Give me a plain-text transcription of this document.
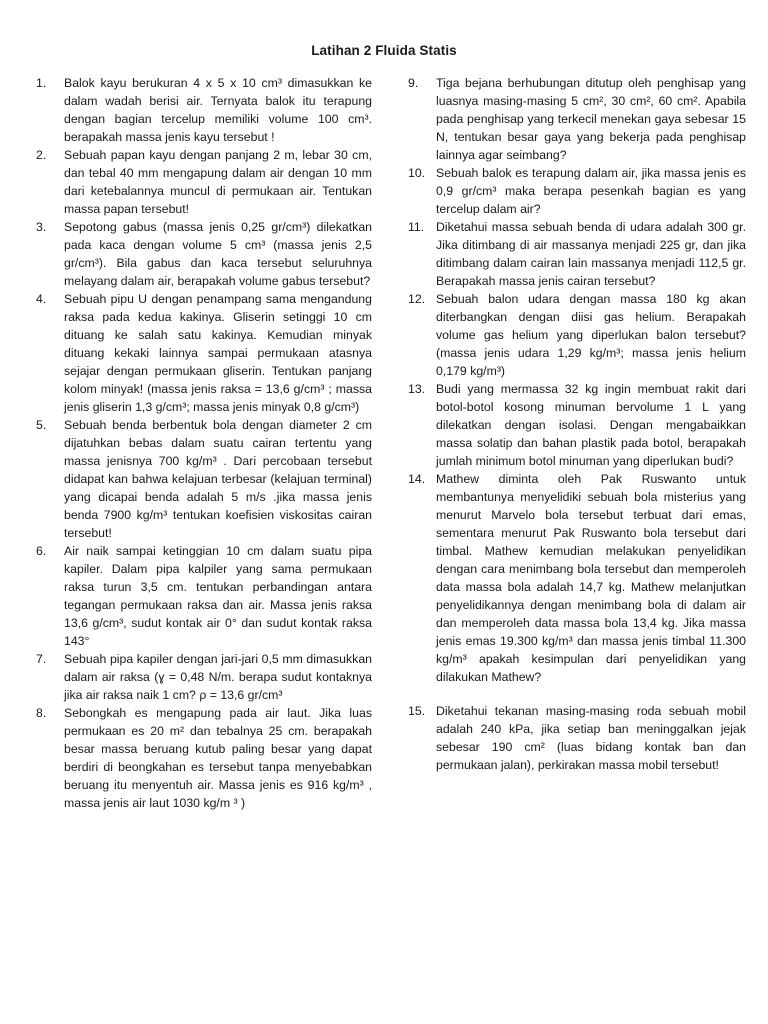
Latihan 2 Fluida Statis
1. Balok kayu berukuran 4 x 5 x 10 cm³ dimasukkan ke dalam wadah berisi air. Ternyata balok itu terapung dengan bagian tercelup memiliki volume 100 cm³. berapakah massa jenis kayu tersebut !
2. Sebuah papan kayu dengan panjang 2 m, lebar 30 cm, dan tebal 40 mm mengapung dalam air dengan 10 mm dari ketebalannya muncul di permukaan air. Tentukan massa papan tersebut!
3. Sepotong gabus (massa jenis 0,25 gr/cm³) dilekatkan pada kaca dengan volume 5 cm³ (massa jenis 2,5 gr/cm³). Bila gabus dan kaca tersebut seluruhnya melayang dalam air, berapakah volume gabus tersebut?
4. Sebuah pipu U dengan penampang sama mengandung raksa pada kedua kakinya. Gliserin setinggi 10 cm dituang ke salah satu kakinya. Kemudian minyak dituang kekaki lainnya sampai permukaan atasnya sejajar dengan permukaan gliserin. Tentukan panjang kolom minyak! (massa jenis raksa = 13,6 g/cm³ ; massa jenis gliserin 1,3 g/cm³; massa jenis minyak 0,8 g/cm³)
5. Sebuah benda berbentuk bola dengan diameter 2 cm dijatuhkan bebas dalam suatu cairan tertentu yang massa jenisnya 700 kg/m³ . Dari percobaan tersebut didapat kan bahwa kelajuan terbesar (kelajuan terminal) yang dicapai benda adalah 5 m/s .jika massa jenis benda 7900 kg/m³ tentukan koefisien viskositas cairan tersebut!
6. Air naik sampai ketinggian 10 cm dalam suatu pipa kapiler. Dalam pipa kalpiler yang sama permukaan raksa turun 3,5 cm. tentukan perbandingan antara tegangan permukaan raksa dan air. Massa jenis raksa 13,6 g/cm³, sudut kontak air 0° dan sudut kontak raksa 143°
7. Sebuah pipa kapiler dengan jari-jari 0,5 mm dimasukkan dalam air raksa (ɣ = 0,48 N/m. berapa sudut kontaknya jika air raksa naik 1 cm? ρ = 13,6 gr/cm³
8. Sebongkah es mengapung pada air laut. Jika luas permukaan es 20 m² dan tebalnya 25 cm. berapakah besar massa beruang kutub paling besar yang dapat berdiri di beongkahan es tersebut tanpa menyebabkan beruang itu menyentuh air. Massa jenis es 916 kg/m³ , massa jenis air laut 1030 kg/m ³ )
9. Tiga bejana berhubungan ditutup oleh penghisap yang luasnya masing-masing 5 cm², 30 cm², 60 cm². Apabila pada penghisap yang terkecil menekan gaya sebesar 15 N, tentukan besar gaya yang bekerja pada penghisap lainnya agar seimbang?
10. Sebuah balok es terapung dalam air, jika massa jenis es 0,9 gr/cm³ maka berapa pesenkah bagian es yang tercelup dalam air?
11. Diketahui massa sebuah benda di udara adalah 300 gr. Jika ditimbang di air massanya menjadi 225 gr, dan jika ditimbang dalam cairan lain massanya menjadi 112,5 gr. Berapakah massa jenis cairan tersebut?
12. Sebuah balon udara dengan massa 180 kg akan diterbangkan dengan diisi gas helium. Berapakah volume gas helium yang diperlukan balon tersebut? (massa jenis udara 1,29 kg/m³; massa jenis helium 0,179 kg/m³)
13. Budi yang mermassa 32 kg ingin membuat rakit dari botol-botol kosong minuman bervolume 1 L yang dilekatkan dengan isolasi. Dengan mengabaikkan massa solatip dan bahan plastik pada botol, berapakah jumlah minimum botol minuman yang diperlukan budi?
14. Mathew diminta oleh Pak Ruswanto untuk membantunya menyelidiki sebuah bola misterius yang menurut Marvelo bola tersebut terbuat dari emas, sementara menurut Pak Ruswanto bola tersebut dari timbal. Mathew kemudian melakukan penyelidikan dengan cara menimbang bola tersebut dan memperoleh data massa bola adalah 14,7 kg. Mathew melanjutkan penyelidikannya dengan menimbang bola di dalam air dan memperoleh data massa bola 13,4 kg. Jika massa jenis emas 19.300 kg/m³ dan massa jenis timbal 11.300 kg/m³ apakah kesimpulan dari penyelidikan yang dilakukan Mathew?
15. Diketahui tekanan masing-masing roda sebuah mobil adalah 240 kPa, jika setiap ban meninggalkan jejak sebesar 190 cm² (luas bidang kontak ban dan permukaan jalan), perkirakan massa mobil tersebut!
